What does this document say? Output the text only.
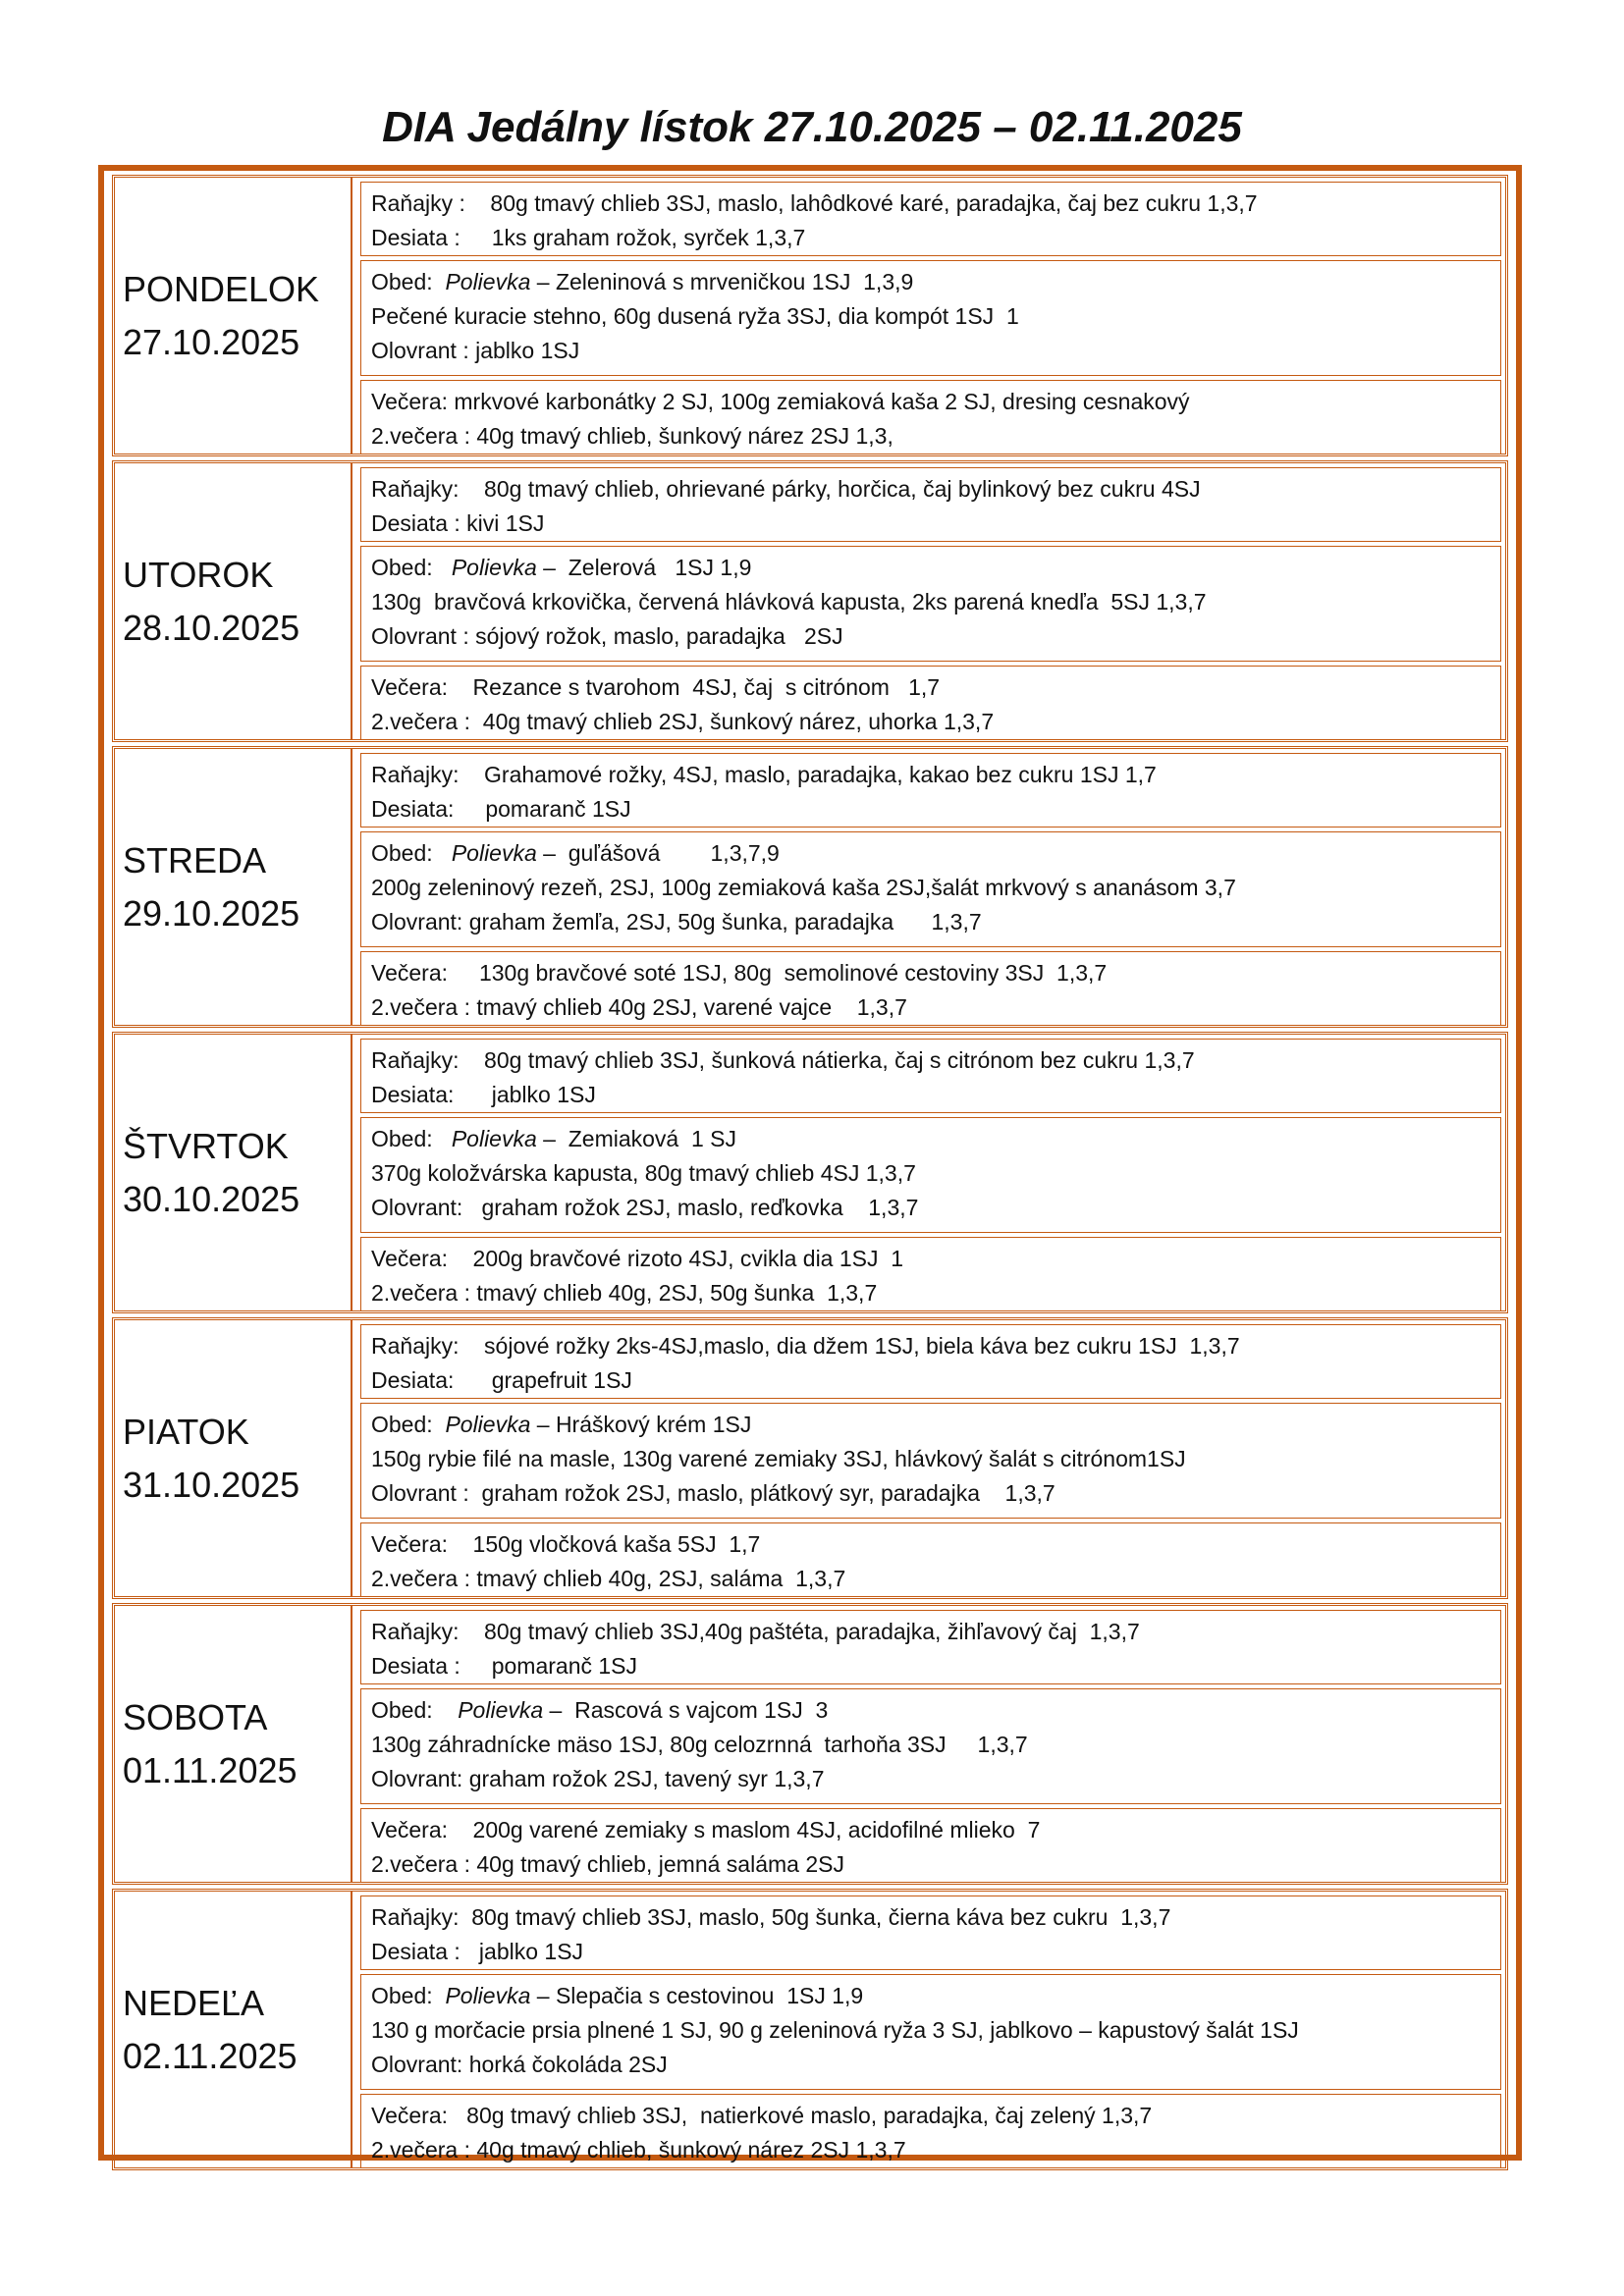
DIA Jedálny lístok 27.10.2025 – 02.11.2025
PONDELOK
27.10.2025
Raňajky :    80g tmavý chlieb 3SJ, maslo, lahôdkové karé, paradajka, čaj bez cukru 1,3,7
Desiata :     1ks graham rožok, syrček 1,3,7
Obed:  Polievka – Zeleninová s mrveničkou 1SJ  1,3,9
Pečené kuracie stehno, 60g dusená ryža 3SJ, dia kompót 1SJ  1
Olovrant : jablko 1SJ
Večera: mrkvové karbonátky 2 SJ, 100g zemiaková kaša 2 SJ, dresing cesnakový
2.večera : 40g tmavý chlieb, šunkový nárez 2SJ 1,3,
UTOROK
28.10.2025
Raňajky:    80g tmavý chlieb, ohrievané párky, horčica, čaj bylinkový bez cukru 4SJ
Desiata : kivi 1SJ
Obed:   Polievka –  Zelerová   1SJ 1,9
130g  bravčová krkovička, červená hlávková kapusta, 2ks parená knedľa  5SJ 1,3,7
Olovrant : sójový rožok, maslo, paradajka   2SJ
Večera:    Rezance s tvarohom  4SJ, čaj  s citrónom   1,7
2.večera :  40g tmavý chlieb 2SJ, šunkový nárez, uhorka 1,3,7
STREDA
29.10.2025
Raňajky:    Grahamové rožky, 4SJ, maslo, paradajka, kakao bez cukru 1SJ 1,7
Desiata:     pomaranč 1SJ
Obed:   Polievka –  guľášová        1,3,7,9
200g zeleninový rezeň, 2SJ, 100g zemiaková kaša 2SJ,šalát mrkvový s ananásom 3,7
Olovrant: graham žemľa, 2SJ, 50g šunka, paradajka      1,3,7
Večera:     130g bravčové soté 1SJ, 80g  semolinové cestoviny 3SJ  1,3,7
2.večera : tmavý chlieb 40g 2SJ, varené vajce    1,3,7
ŠTVRTOK
30.10.2025
Raňajky:    80g tmavý chlieb 3SJ, šunková nátierka, čaj s citrónom bez cukru 1,3,7
Desiata:      jablko 1SJ
Obed:   Polievka –  Zemiaková  1 SJ
370g koložvárska kapusta, 80g tmavý chlieb 4SJ 1,3,7
Olovrant:   graham rožok 2SJ, maslo, reďkovka    1,3,7
Večera:    200g bravčové rizoto 4SJ, cvikla dia 1SJ  1
2.večera : tmavý chlieb 40g, 2SJ, 50g šunka  1,3,7
PIATOK
31.10.2025
Raňajky:    sójové rožky 2ks-4SJ,maslo, dia džem 1SJ, biela káva bez cukru 1SJ  1,3,7
Desiata:      grapefruit 1SJ
Obed:  Polievka – Hráškový krém 1SJ
150g rybie filé na masle, 130g varené zemiaky 3SJ, hlávkový šalát s citrónom1SJ
Olovrant :  graham rožok 2SJ, maslo, plátkový syr, paradajka    1,3,7
Večera:    150g vločková kaša 5SJ  1,7
2.večera : tmavý chlieb 40g, 2SJ, saláma  1,3,7
SOBOTA
01.11.2025
Raňajky:    80g tmavý chlieb 3SJ,40g paštéta, paradajka, žihľavový čaj  1,3,7
Desiata :     pomaranč 1SJ
Obed:    Polievka –  Rascová s vajcom 1SJ  3
130g záhradnícke mäso 1SJ, 80g celozrnná  tarhoňa 3SJ     1,3,7
Olovrant: graham rožok 2SJ, tavený syr 1,3,7
Večera:    200g varené zemiaky s maslom 4SJ, acidofilné mlieko  7
2.večera : 40g tmavý chlieb, jemná saláma 2SJ
NEDEĽA
02.11.2025
Raňajky:  80g tmavý chlieb 3SJ, maslo, 50g šunka, čierna káva bez cukru  1,3,7
Desiata :   jablko 1SJ
Obed:  Polievka – Slepačia s cestovinou  1SJ 1,9
130 g morčacie prsia plnené 1 SJ, 90 g zeleninová ryža 3 SJ, jablkovo – kapustový šalát 1SJ
Olovrant: horká čokoláda 2SJ
Večera:   80g tmavý chlieb 3SJ,  natierkové maslo, paradajka, čaj zelený 1,3,7
2.večera : 40g tmavý chlieb, šunkový nárez 2SJ 1,3,7
